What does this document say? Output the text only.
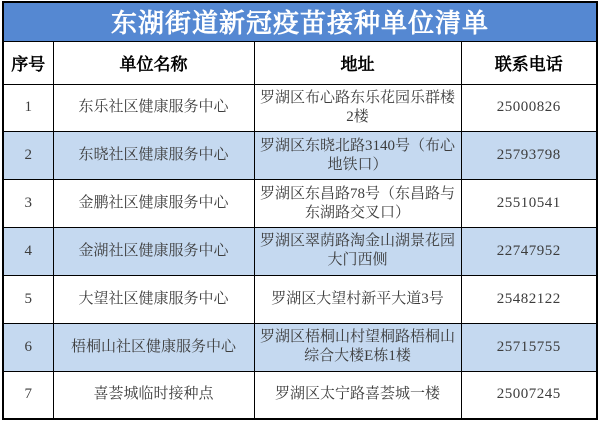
东湖街道新冠疫苗接种单位清单			
序号	单位名称	地址	联系电话
1	东乐社区健康服务中心	罗湖区布心路东乐花园乐群楼2楼	25000826
2	东晓社区健康服务中心	罗湖区东晓北路3140号（布心地铁口）	25793798
3	金鹏社区健康服务中心	罗湖区东昌路78号（东昌路与东湖路交叉口）	25510541
4	金湖社区健康服务中心	罗湖区翠荫路淘金山湖景花园大门西侧	22747952
5	大望社区健康服务中心	罗湖区大望村新平大道3号	25482122
6	梧桐山社区健康服务中心	罗湖区梧桐山村望桐路梧桐山综合大楼E栋1楼	25715755
7	喜荟城临时接种点	罗湖区太宁路喜荟城一楼	25007245
